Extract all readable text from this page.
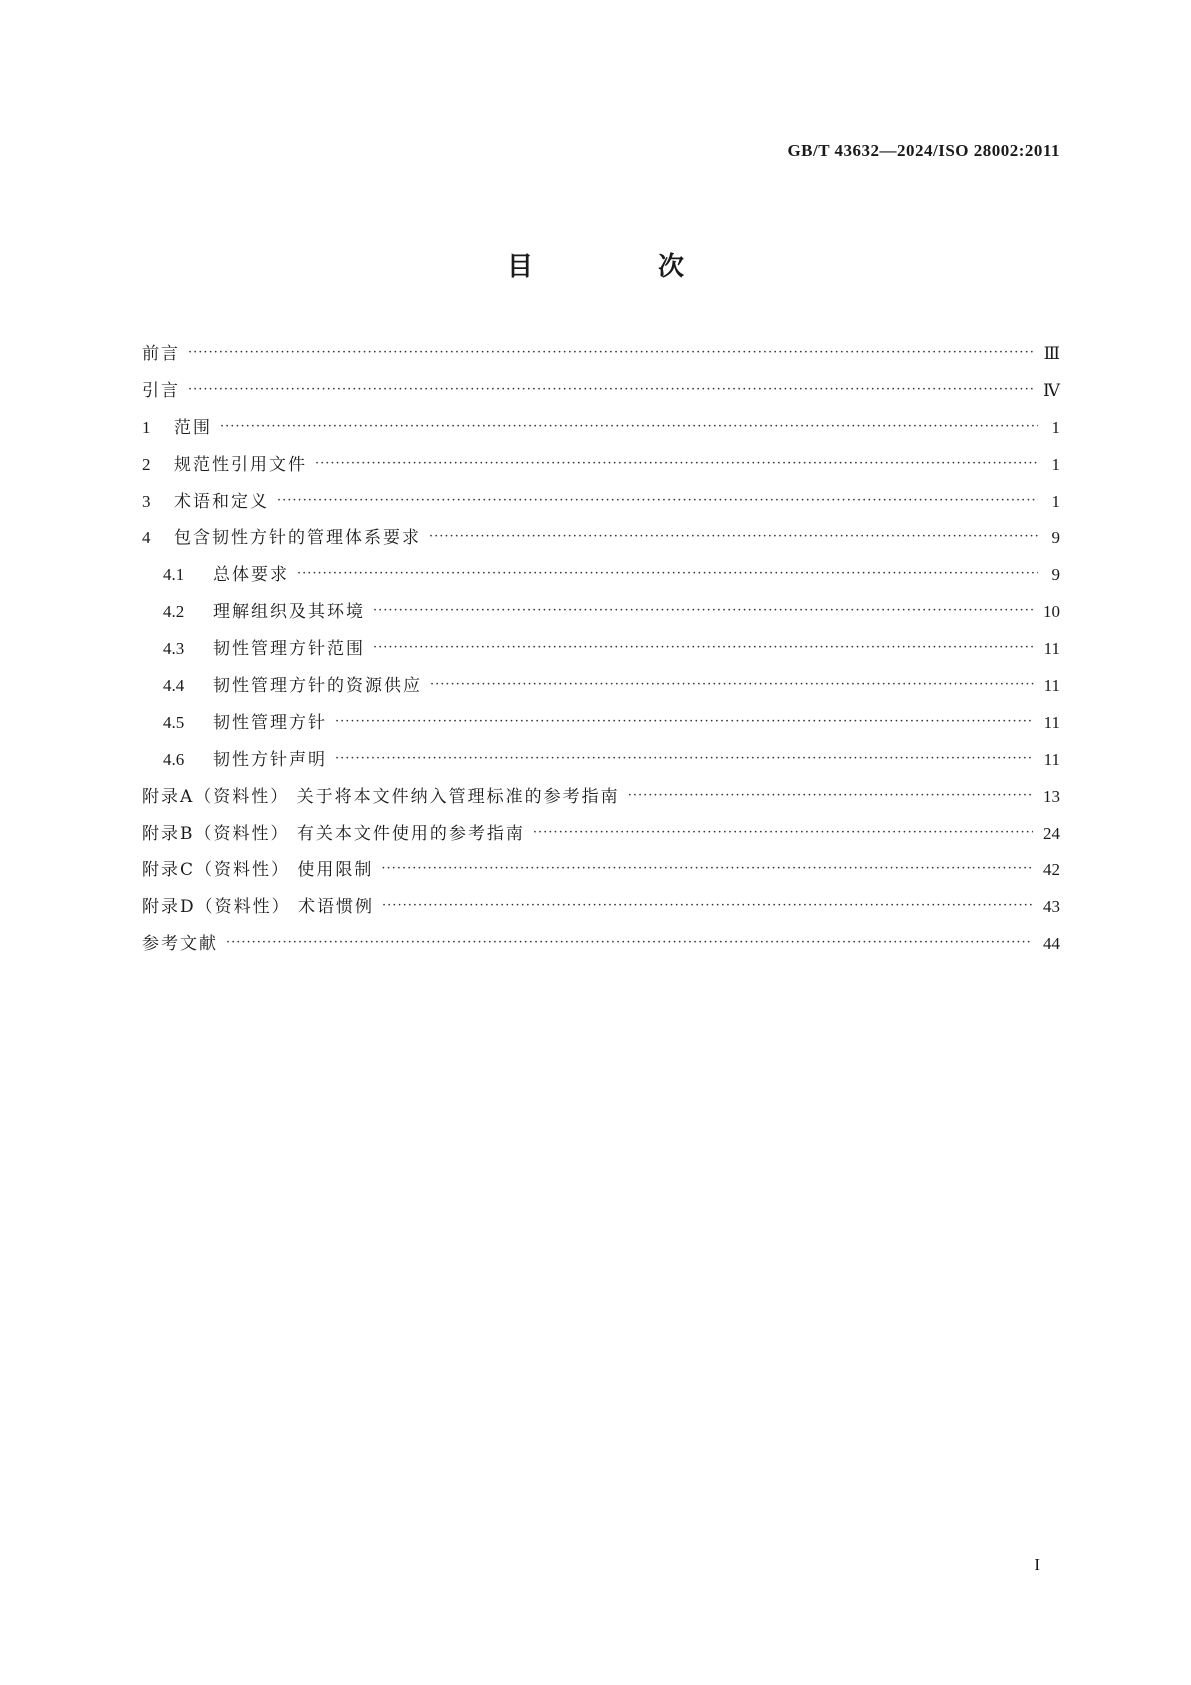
GB/T 43632—2024/ISO 28002:2011
目 次
前言 ·····	Ⅲ
引言 ·····	Ⅳ
1	范围 ·····	1
2	规范性引用文件 ·····	1
3	术语和定义 ·····	1
4	包含韧性方针的管理体系要求 ·····	9
4.1	总体要求 ·····	9
4.2	理解组织及其环境 ·····	10
4.3	韧性管理方针范围 ·····	11
4.4	韧性管理方针的资源供应 ·····	11
4.5	韧性管理方针 ·····	11
4.6	韧性方针声明 ·····	11
附录A（资料性） 关于将本文件纳入管理标准的参考指南 ·····	13
附录B（资料性） 有关本文件使用的参考指南 ·····	24
附录C（资料性） 使用限制 ·····	42
附录D（资料性） 术语惯例 ·····	43
参考文献 ·····	44
I
